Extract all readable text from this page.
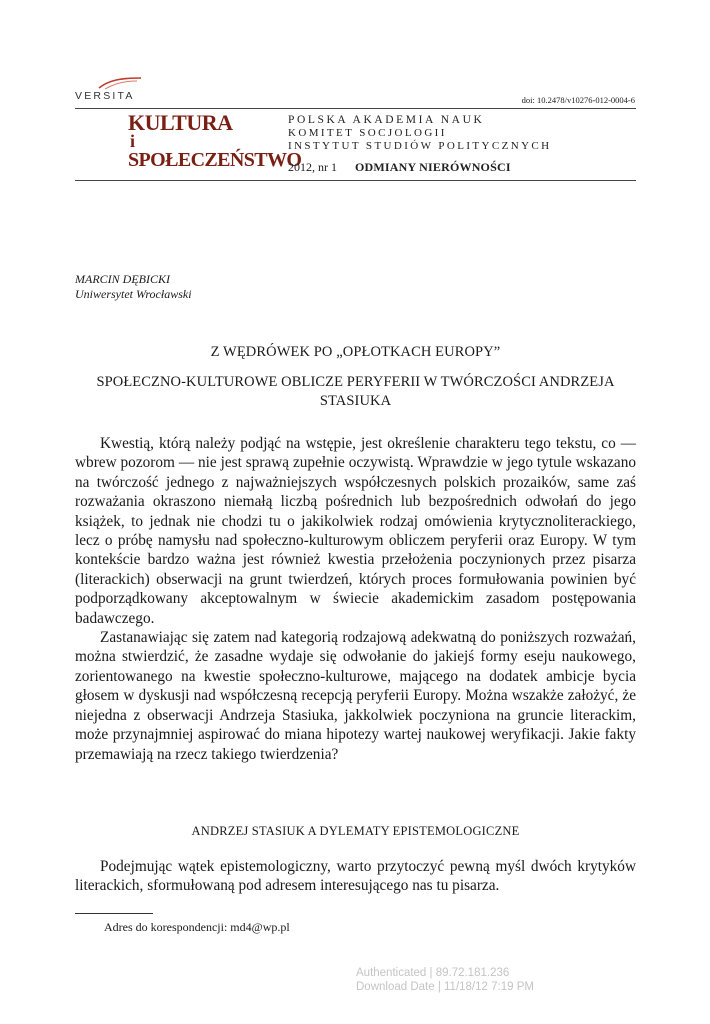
VERSITA	doi: 10.2478/v10276-012-0004-6
KULTURA
i
SPOŁECZEŃSTWO
POLSKA AKADEMIA NAUK
KOMITET SOCJOLOGII
INSTYTUT STUDIÓW POLITYCZNYCH
2012, nr 1 ODMIANY NIERÓWNOŚCI
MARCIN DĘBICKI
Uniwersytet Wrocławski
Z WĘDRÓWEK PO „OPŁOTKACH EUROPY”
SPOŁECZNO-KULTUROWE OBLICZE PERYFERII W TWÓRCZOŚCI ANDRZEJA STASIUKA

Kwestią, którą należy podjąć na wstępie, jest określenie charakteru tego tekstu, co — wbrew pozorom — nie jest sprawą zupełnie oczywistą. Wprawdzie w jego tytule wskazano na twórczość jednego z najważniejszych współczesnych polskich prozaików, same zaś rozważania okraszono niemałą liczbą pośrednich lub bezpośrednich odwołań do jego książek, to jednak nie chodzi tu o jakikolwiek rodzaj omówienia krytycznoliterackiego, lecz o próbę namysłu nad społeczno-kulturowym obliczem peryferii oraz Europy. W tym kontekście bardzo ważna jest również kwestia przełożenia poczynionych przez pisarza (literackich) obserwacji na grunt twierdzeń, których proces formułowania powinien być podporządkowany akceptowalnym w świecie akademickim zasadom postępowania badawczego.

Zastanawiając się zatem nad kategorią rodzajową adekwatną do poniższych rozważań, można stwierdzić, że zasadne wydaje się odwołanie do jakiejś formy eseju naukowego, zorientowanego na kwestie społeczno-kulturowe, mającego na dodatek ambicje bycia głosem w dyskusji nad współczesną recepcją peryferii Europy. Można wszakże założyć, że niejedna z obserwacji Andrzeja Stasiuka, jakkolwiek poczyniona na gruncie literackim, może przynajmniej aspirować do miana hipotezy wartej naukowej weryfikacji. Jakie fakty przemawiają na rzecz takiego twierdzenia?

ANDRZEJ STASIUK A DYLEMATY EPISTEMOLOGICZNE

Podejmując wątek epistemologiczny, warto przytoczyć pewną myśl dwóch krytyków literackich, sformułowaną pod adresem interesującego nas tu pisarza.

Adres do korespondencji: md4@wp.pl
Authenticated | 89.72.181.236
Download Date | 11/18/12 7:19 PM
